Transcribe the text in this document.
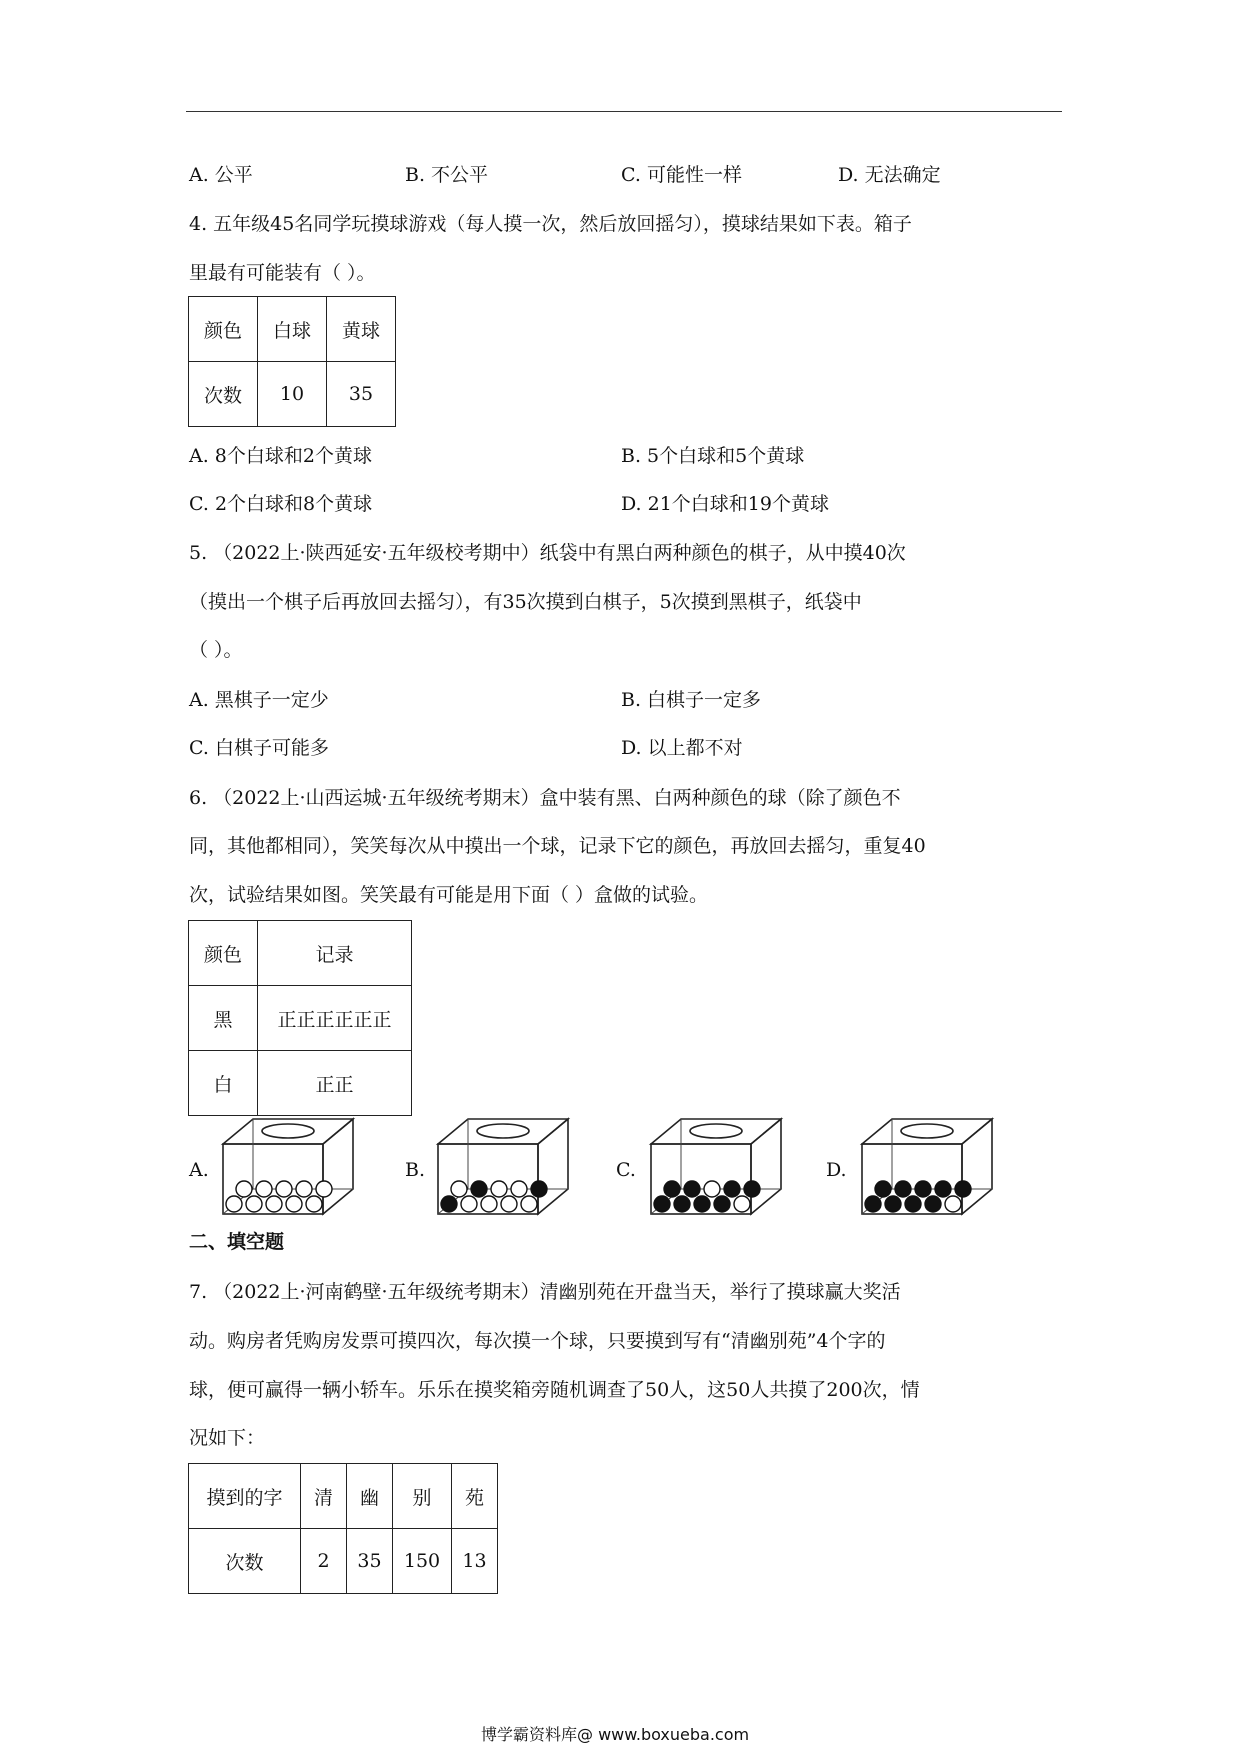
A. 公平	B. 不公平	C. 可能性一样	D. 无法确定
4. 五年级45名同学玩摸球游戏（每人摸一次，然后放回摇匀），摸球结果如下表。箱子
里最有可能装有（ ）。
颜色	白球	黄球
次数	10	35
A. 8个白球和2个黄球	B. 5个白球和5个黄球
C. 2个白球和8个黄球	D. 21个白球和19个黄球
5. （2022上·陕西延安·五年级校考期中）纸袋中有黑白两种颜色的棋子，从中摸40次
（摸出一个棋子后再放回去摇匀），有35次摸到白棋子，5次摸到黑棋子，纸袋中
（ ）。
A. 黑棋子一定少	B. 白棋子一定多
C. 白棋子可能多	D. 以上都不对
6. （2022上·山西运城·五年级统考期末）盒中装有黑、白两种颜色的球（除了颜色不
同，其他都相同），笑笑每次从中摸出一个球，记录下它的颜色，再放回去摇匀，重复40
次，试验结果如图。笑笑最有可能是用下面（ ）盒做的试验。
颜色	记录
黑	正正正正正正
白	正正
A.	B.	C.	D.
二、填空题
7. （2022上·河南鹤壁·五年级统考期末）清幽别苑在开盘当天，举行了摸球赢大奖活
动。购房者凭购房发票可摸四次，每次摸一个球，只要摸到写有“清幽别苑”4个字的
球，便可赢得一辆小轿车。乐乐在摸奖箱旁随机调查了50人，这50人共摸了200次，情
况如下：
摸到的字	清	幽	别	苑
次数	2	35	150	13
博学霸资料库@ www.boxueba.com
